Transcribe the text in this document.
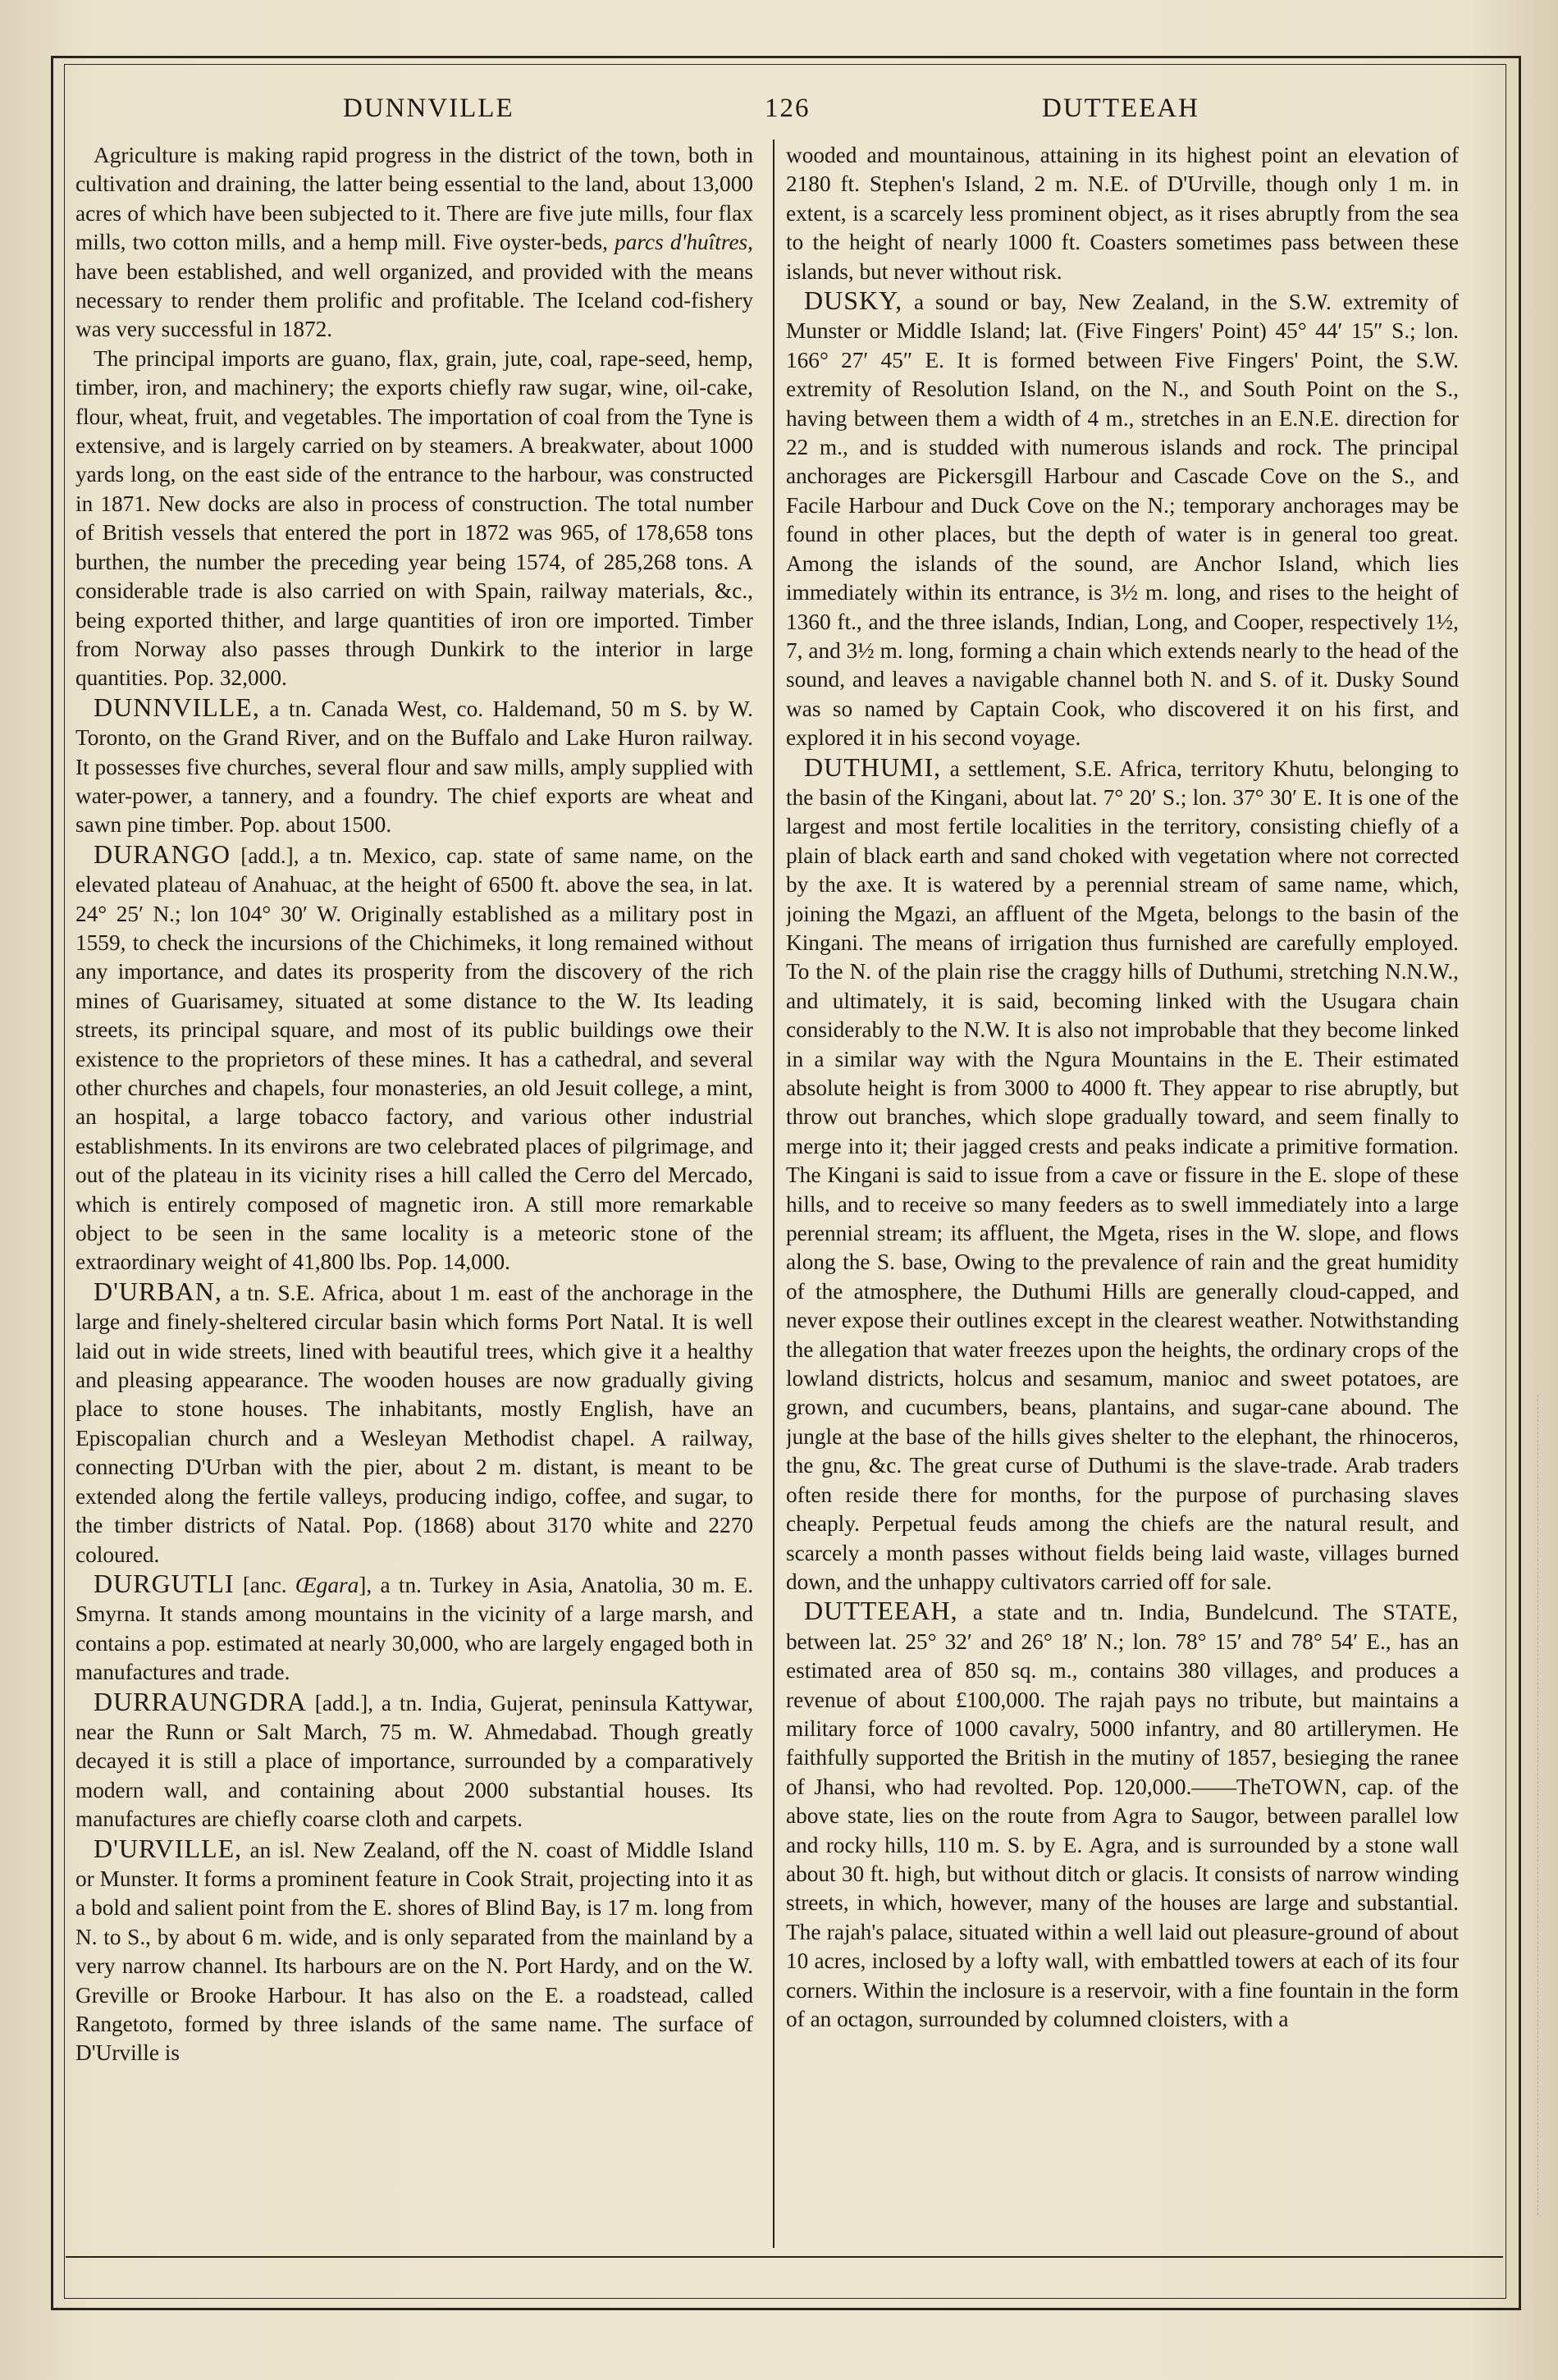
DUNNVILLE	126	DUTTEEAH

Agriculture is making rapid progress in the district of the town, both in cultivation and draining, the latter being essential to the land, about 13,000 acres of which have been subjected to it. There are five jute mills, four flax mills, two cotton mills, and a hemp mill. Five oyster-beds, parcs d'huîtres, have been established, and well organized, and provided with the means necessary to render them prolific and profitable. The Iceland cod-fishery was very successful in 1872.

The principal imports are guano, flax, grain, jute, coal, rape-seed, hemp, timber, iron, and machinery; the exports chiefly raw sugar, wine, oil-cake, flour, wheat, fruit, and vegetables. The importation of coal from the Tyne is extensive, and is largely carried on by steamers. A breakwater, about 1000 yards long, on the east side of the entrance to the harbour, was constructed in 1871. New docks are also in process of construction. The total number of British vessels that entered the port in 1872 was 965, of 178,658 tons burthen, the number the preceding year being 1574, of 285,268 tons. A considerable trade is also carried on with Spain, railway materials, &c., being exported thither, and large quantities of iron ore imported. Timber from Norway also passes through Dunkirk to the interior in large quantities. Pop. 32,000.

DUNNVILLE, a tn. Canada West, co. Haldemand, 50 m S. by W. Toronto, on the Grand River, and on the Buffalo and Lake Huron railway. It possesses five churches, several flour and saw mills, amply supplied with water-power, a tannery, and a foundry. The chief exports are wheat and sawn pine timber. Pop. about 1500.

DURANGO [add.], a tn. Mexico, cap. state of same name, on the elevated plateau of Anahuac, at the height of 6500 ft. above the sea, in lat. 24° 25′ N.; lon 104° 30′ W. Originally established as a military post in 1559, to check the incursions of the Chichimeks, it long remained without any importance, and dates its prosperity from the discovery of the rich mines of Guarisamey, situated at some distance to the W. Its leading streets, its principal square, and most of its public buildings owe their existence to the proprietors of these mines. It has a cathedral, and several other churches and chapels, four monasteries, an old Jesuit college, a mint, an hospital, a large tobacco factory, and various other industrial establishments. In its environs are two celebrated places of pilgrimage, and out of the plateau in its vicinity rises a hill called the Cerro del Mercado, which is entirely composed of magnetic iron. A still more remarkable object to be seen in the same locality is a meteoric stone of the extraordinary weight of 41,800 lbs. Pop. 14,000.

D'URBAN, a tn. S.E. Africa, about 1 m. east of the anchorage in the large and finely-sheltered circular basin which forms Port Natal. It is well laid out in wide streets, lined with beautiful trees, which give it a healthy and pleasing appearance. The wooden houses are now gradually giving place to stone houses. The inhabitants, mostly English, have an Episcopalian church and a Wesleyan Methodist chapel. A railway, connecting D'Urban with the pier, about 2 m. distant, is meant to be extended along the fertile valleys, producing indigo, coffee, and sugar, to the timber districts of Natal. Pop. (1868) about 3170 white and 2270 coloured.

DURGUTLI [anc. Œgara], a tn. Turkey in Asia, Anatolia, 30 m. E. Smyrna. It stands among mountains in the vicinity of a large marsh, and contains a pop. estimated at nearly 30,000, who are largely engaged both in manufactures and trade.

DURRAUNGDRA [add.], a tn. India, Gujerat, peninsula Kattywar, near the Runn or Salt March, 75 m. W. Ahmedabad. Though greatly decayed it is still a place of importance, surrounded by a comparatively modern wall, and containing about 2000 substantial houses. Its manufactures are chiefly coarse cloth and carpets.

D'URVILLE, an isl. New Zealand, off the N. coast of Middle Island or Munster. It forms a prominent feature in Cook Strait, projecting into it as a bold and salient point from the E. shores of Blind Bay, is 17 m. long from N. to S., by about 6 m. wide, and is only separated from the mainland by a very narrow channel. Its harbours are on the N. Port Hardy, and on the W. Greville or Brooke Harbour. It has also on the E. a roadstead, called Rangetoto, formed by three islands of the same name. The surface of D'Urville is

wooded and mountainous, attaining in its highest point an elevation of 2180 ft. Stephen's Island, 2 m. N.E. of D'Urville, though only 1 m. in extent, is a scarcely less prominent object, as it rises abruptly from the sea to the height of nearly 1000 ft. Coasters sometimes pass between these islands, but never without risk.

DUSKY, a sound or bay, New Zealand, in the S.W. extremity of Munster or Middle Island; lat. (Five Fingers' Point) 45° 44′ 15″ S.; lon. 166° 27′ 45″ E. It is formed between Five Fingers' Point, the S.W. extremity of Resolution Island, on the N., and South Point on the S., having between them a width of 4 m., stretches in an E.N.E. direction for 22 m., and is studded with numerous islands and rock. The principal anchorages are Pickersgill Harbour and Cascade Cove on the S., and Facile Harbour and Duck Cove on the N.; temporary anchorages may be found in other places, but the depth of water is in general too great. Among the islands of the sound, are Anchor Island, which lies immediately within its entrance, is 3½ m. long, and rises to the height of 1360 ft., and the three islands, Indian, Long, and Cooper, respectively 1½, 7, and 3½ m. long, forming a chain which extends nearly to the head of the sound, and leaves a navigable channel both N. and S. of it. Dusky Sound was so named by Captain Cook, who discovered it on his first, and explored it in his second voyage.

DUTHUMI, a settlement, S.E. Africa, territory Khutu, belonging to the basin of the Kingani, about lat. 7° 20′ S.; lon. 37° 30′ E. It is one of the largest and most fertile localities in the territory, consisting chiefly of a plain of black earth and sand choked with vegetation where not corrected by the axe. It is watered by a perennial stream of same name, which, joining the Mgazi, an affluent of the Mgeta, belongs to the basin of the Kingani. The means of irrigation thus furnished are carefully employed. To the N. of the plain rise the craggy hills of Duthumi, stretching N.N.W., and ultimately, it is said, becoming linked with the Usugara chain considerably to the N.W. It is also not improbable that they become linked in a similar way with the Ngura Mountains in the E. Their estimated absolute height is from 3000 to 4000 ft. They appear to rise abruptly, but throw out branches, which slope gradually toward, and seem finally to merge into it; their jagged crests and peaks indicate a primitive formation. The Kingani is said to issue from a cave or fissure in the E. slope of these hills, and to receive so many feeders as to swell immediately into a large perennial stream; its affluent, the Mgeta, rises in the W. slope, and flows along the S. base, Owing to the prevalence of rain and the great humidity of the atmosphere, the Duthumi Hills are generally cloud-capped, and never expose their outlines except in the clearest weather. Notwithstanding the allegation that water freezes upon the heights, the ordinary crops of the lowland districts, holcus and sesamum, manioc and sweet potatoes, are grown, and cucumbers, beans, plantains, and sugar-cane abound. The jungle at the base of the hills gives shelter to the elephant, the rhinoceros, the gnu, &c. The great curse of Duthumi is the slave-trade. Arab traders often reside there for months, for the purpose of purchasing slaves cheaply. Perpetual feuds among the chiefs are the natural result, and scarcely a month passes without fields being laid waste, villages burned down, and the unhappy cultivators carried off for sale.

DUTTEEAH, a state and tn. India, Bundelcund. The STATE, between lat. 25° 32′ and 26° 18′ N.; lon. 78° 15′ and 78° 54′ E., has an estimated area of 850 sq. m., contains 380 villages, and produces a revenue of about £100,000. The rajah pays no tribute, but maintains a military force of 1000 cavalry, 5000 infantry, and 80 artillerymen. He faithfully supported the British in the mutiny of 1857, besieging the ranee of Jhansi, who had revolted. Pop. 120,000.——TheTOWN, cap. of the above state, lies on the route from Agra to Saugor, between parallel low and rocky hills, 110 m. S. by E. Agra, and is surrounded by a stone wall about 30 ft. high, but without ditch or glacis. It consists of narrow winding streets, in which, however, many of the houses are large and substantial. The rajah's palace, situated within a well laid out pleasure-ground of about 10 acres, inclosed by a lofty wall, with embattled towers at each of its four corners. Within the inclosure is a reservoir, with a fine fountain in the form of an octagon, surrounded by columned cloisters, with a
